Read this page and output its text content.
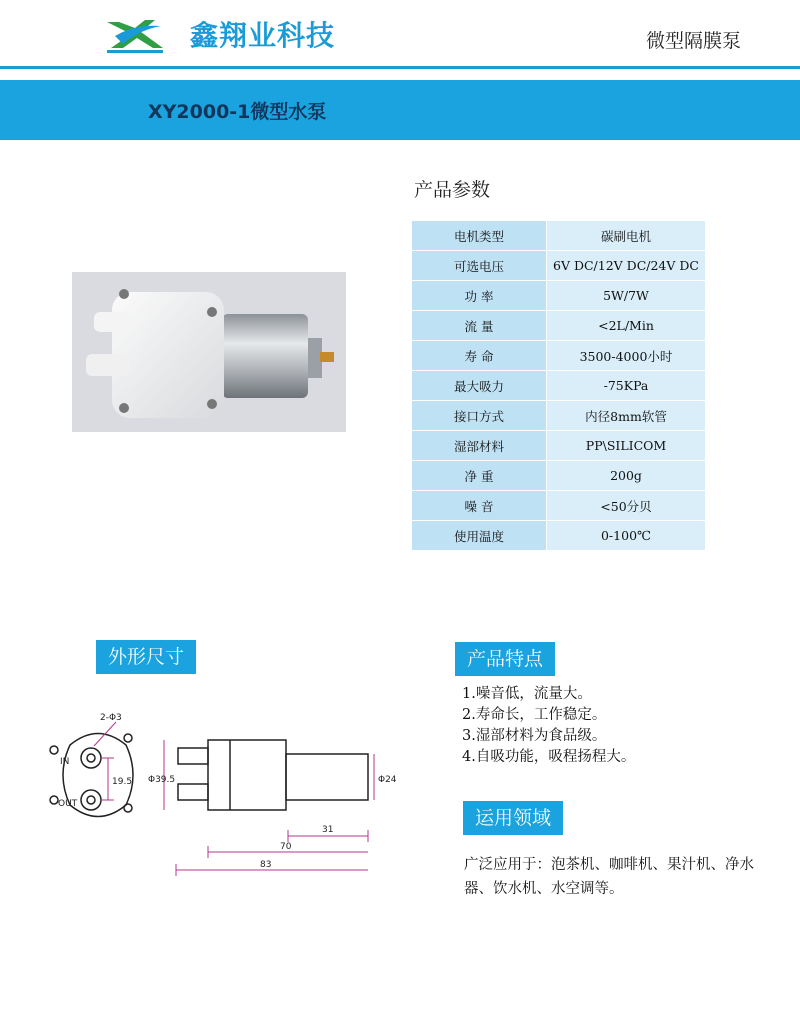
鑫翔业科技	微型隔膜泵
XY2000-1微型水泵
产品参数
电机类型	碳刷电机
可选电压	6V DC/12V DC/24V DC
功 率	5W/7W
流 量	<2L/Min
寿 命	3500-4000小时
最大吸力	-75KPa
接口方式	内径8mm软管
湿部材料	PP\SILICOM
净 重	200g
噪 音	<50分贝
使用温度	0-100℃
外形尺寸
2-Φ3
IN
OUT
19.5 Φ39.5	Φ24
31
70
83
产品特点
1.噪音低，流量大。
2.寿命长，工作稳定。
3.湿部材料为食品级。
4.自吸功能，吸程扬程大。
运用领域
广泛应用于：泡茶机、咖啡机、果汁机、净水器、饮水机、水空调等。
